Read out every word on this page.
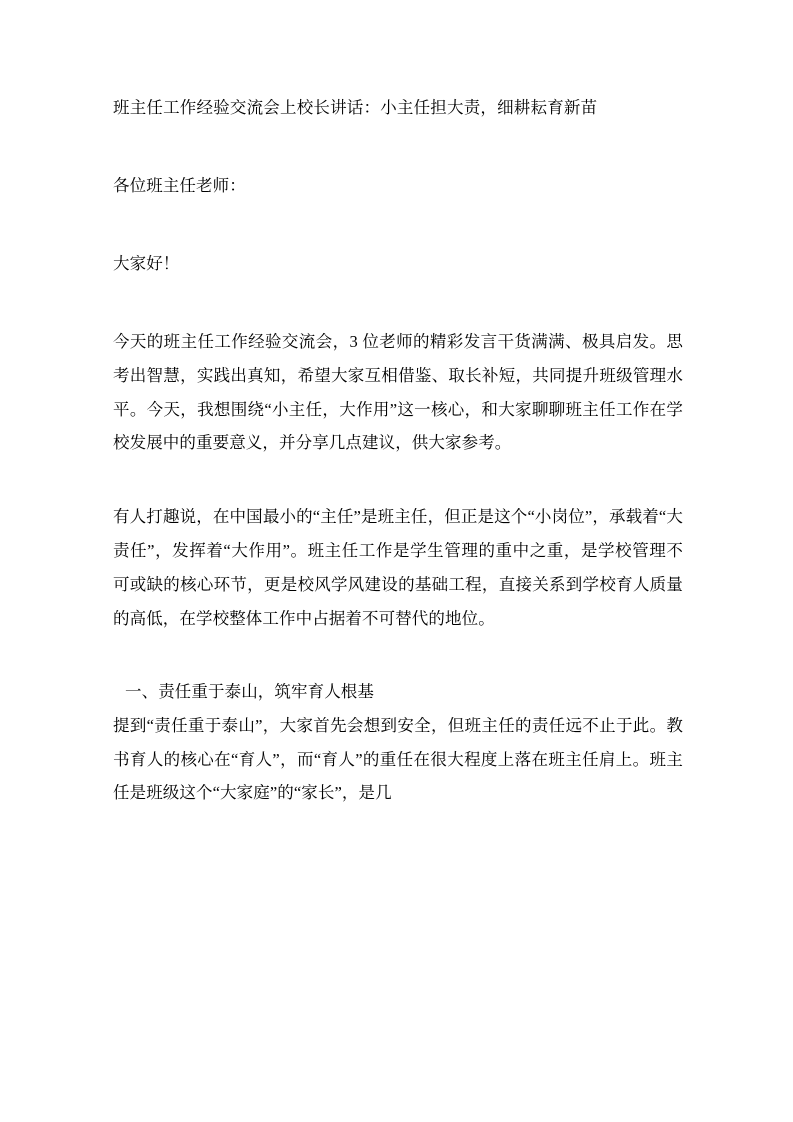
班主任工作经验交流会上校长讲话：小主任担大责，细耕耘育新苗

各位班主任老师：

大家好！

今天的班主任工作经验交流会，3 位老师的精彩发言干货满满、极具启发。思考出智慧，实践出真知，希望大家互相借鉴、取长补短，共同提升班级管理水平。今天，我想围绕“小主任，大作用”这一核心，和大家聊聊班主任工作在学校发展中的重要意义，并分享几点建议，供大家参考。

有人打趣说，在中国最小的“主任”是班主任，但正是这个“小岗位”，承载着“大责任”，发挥着“大作用”。班主任工作是学生管理的重中之重，是学校管理不可或缺的核心环节，更是校风学风建设的基础工程，直接关系到学校育人质量的高低，在学校整体工作中占据着不可替代的地位。

一、责任重于泰山，筑牢育人根基

提到“责任重于泰山”，大家首先会想到安全，但班主任的责任远不止于此。教书育人的核心在“育人”，而“育人”的重任在很大程度上落在班主任肩上。班主任是班级这个“大家庭”的“家长”，是几
